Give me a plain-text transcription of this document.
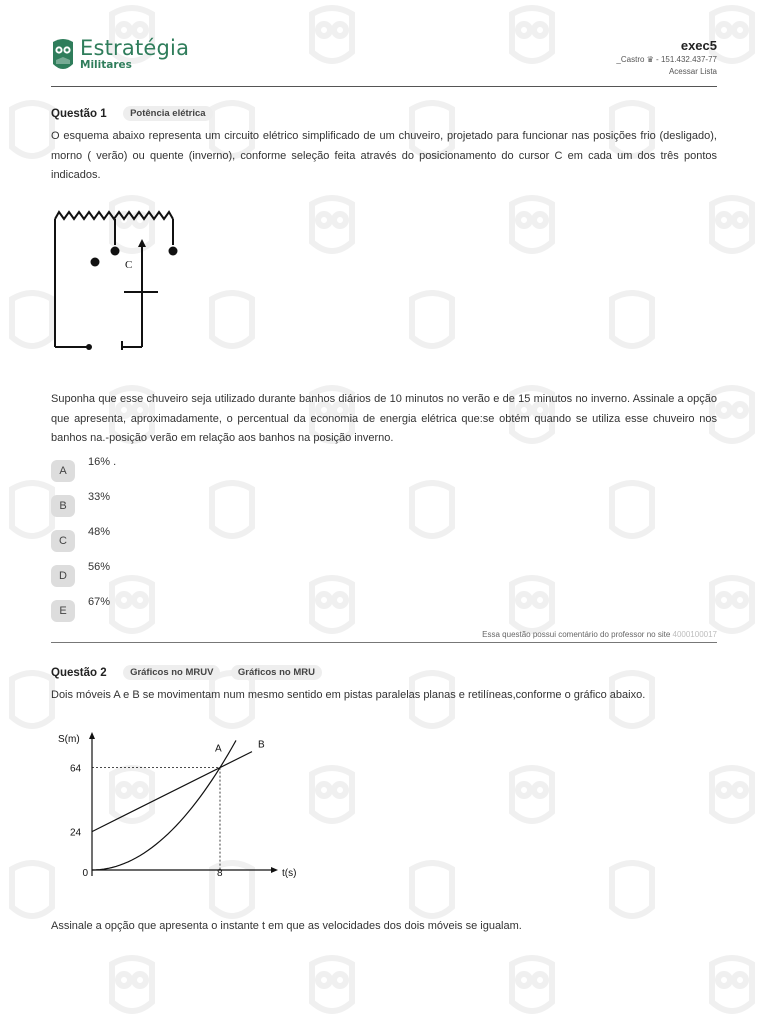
Estratégia
Militares
exec5
_Castro ♛ - 151.432.437-77
Acessar Lista
Questão 1 Potência elétrica

O esquema abaixo representa um circuito elétrico simplificado de um chuveiro, projetado para funcionar nas posições frio (desligado), morno ( verão) ou quente (inverno), conforme seleção feita através do posicionamento do cursor C em cada um dos três pontos indicados.

C

Suponha que esse chuveiro seja utilizado durante banhos diários de 10 minutos no verão e de 15 minutos no inverno. Assinale a opção que apresenta, aproximadamente, o percentual da economia de energia elétrica que:se obtém quando se utiliza esse chuveiro nos banhos na.-posição verão em relação aos banhos na posição inverno.

A
16% .
B
33%
C
48%
D
56%
E
67%
Essa questão possui comentário do professor no site 4000100017
Questão 2 Gráficos no MRUV	Gráficos no MRU

Dois móveis A e B se movimentam num mesmo sentido em pistas paralelas planas e retilíneas,conforme o gráfico abaixo.

A	B
64
24
8
S(m)
t(s)
0

Assinale a opção que apresenta o instante t em que as velocidades dos dois móveis se igualam.
